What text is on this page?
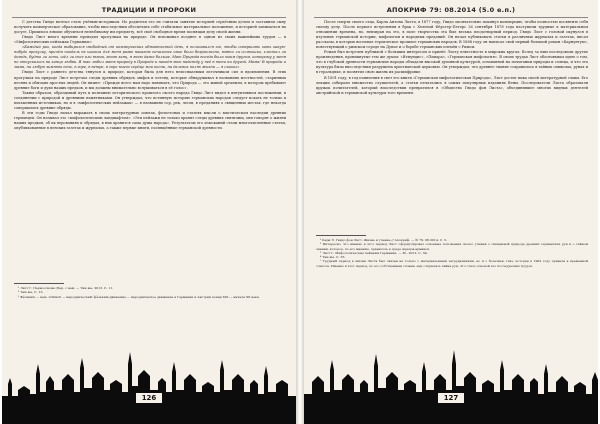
ТРАДИЦИИ И ПРОРОКИ

С детства Гиндо мечтал стать учёным-историком. Но родители его не считали занятие историей серьёзным делом и заставили сыну получить коммерческое образование, чтобы впоследствии обеспечить себе стабильное материальное положение, и историей заниматься на досуге. Пришлось юноше обучиться нелюбимому им предмету, всё своё свободное время посвящая делу своей жизни.

Гвидо Лист много времени проводил прогулкам на природе. Он вспоминал позднее в одном из своих важнейших трудов — в «Мифологических пейзажах Германии»:

«Каждый раз, когда выбирался свободный от коммерческих обязанностей день, я пользовался им, чтобы совершить хоть какую-нибудь прогулку, причём поодаль не шагала для меня разве наказом печальнее иное было безразлично, взято ли солнышко, хлестал ли дождь, будто ли лето, шёл ли снег или вьюга, этот заяц, я знаю даже больше. Мат Природа всегда была моим другом, которому у меня не отпускалось ни конца любви. Я так любил мать-природу в Природе и находя мою надежду у неё в тени ни другой. Мама! В природы и мама, на любую зимнюю ночь, в горе, в ветре, в горе моего сердце мои песни, на дальних полях жизни — я сказал».

Гвидо Лист с раннего детства тянулся к природе, которая была для него неиссякаемым источником сил и вдохновения. В этих прогулках на природе Лист встречал следы древних обрядов, мифов и легенд, которые обнаруживал в названиях местностей, старинных песнях и обычаях простых людей. Он пишет: «Прежде всего нам надо понимать, что Природа — это живой организм, в котором пребывают древние боги и духи наших предков, и мы должны внимательно вслушиваться в её голос».

Таким образом, образцовый путь к познанию исторического прошлого своего народа Гвидо Лист видел в интуитивном постижении, в соединении с природой и древними памятниками. Он утверждал, что истинную историю германских народов следует искать не только в письменных источниках, но и в «мифологических пейзажах» — в названиях гор, рек, лесов, в преданиях о священных местах, где некогда совершались древние обряды.

В эти годы Гвидо начал выражать в своих литературных опытах, фельетонах и статьях мысли о мистическом наследии древних германцев. Он называл это «мифологическим ландшафтом»: «Эти пейзажи не только хранят следы древних святилищ, они говорят о жизни наших предков, об их верованиях и обрядах, в них хранится сама душа народа». Результатом его изысканий стали многочисленные статьи, опубликованные в венских газетах и журналах, а также первые книги, посвящённые германской древности.

¹ Лист Г. Первооснова (Пер. с нем. — Там же, 2013. С. 11.

² Там же, С. 13.

³ Фёлькиш — нем. völkisch — народнический; фёлькиш-движение — народническое движение в Германии и Австрии конца XIX — начала XX века.

126
АПОКРИФ 79: 08.2014 (5.0 е.п.)

После смерти своего отца, Карла Антона Листа, в 1877 году, Гвидо окончательно покинул коммерцию, чтобы полностью посвятить себя своему делу. После первого вступления в брак с Хеленой Фёрстер-Петерс 26 сентября 1878 года наступили трудные в материальном отношении времена, но, невзирая на это, в поле творчества эта был весьма плодотворный период. Гвидо Лист с головой окунулся в изучение германской истории, мифологии и народных преданий. Он начал публиковать статьи в различных журналах и газетах, писал рассказы, в которых воспевал героическое прошлое германских народов. В 1888 году он написал свой первый большой роман «Карнунтум», повествующий о римском городе на Дунае и о борьбе германских племён с Римом.

Роман был встречен публикой с большим интересом и принёс Листу известность в широких кругах. Вслед за ним последовали другие произведения, проникнутые тем же духом: «Ятмундис», «Пипара», «Германская мифология». В своих трудах Лист обосновывал идею о том, что в глубокой древности германские народы обладали высокой духовной культурой, основанной на почитании природы и солнца, и что эта культура была впоследствии разрушена христианской церковью. Он утверждал, что древнее знание сохранилось в тайных символах, рунах и в геральдике, и посвятил свою жизнь их расшифровке.

В 1891 году, в год появления в свет его книги «Германская мифологическая Природа», Лист достиг пика своей литературной славы. Его лекции собирали множество слушателей, а статьи печатались в самых популярных изданиях Вены. Последователи Листа образовали кружок почитателей, который впоследствии превратился в «Общество Гвидо фон Листа», объединившее многих видных деятелей австрийской и германской культуры того времени.

¹ Керн Э. Гвидо фон Лист. Жизнь и учение // Апокриф. — № 79. 08.2014. С. 5.

² Интересно, что именно в этот период Лист сформулировал основные положения своего учения о священной природе древних германских рун и о тайном знании, которое, по его мнению, хранилось в среде жрецов-арманов.

³ Лист Г. Мифологические пейзажи Германии. — М., 2012. С. 34.

⁴ Там же. С. 35.

⁵ Трудный период в жизни Листа был связан не только с материальными затруднениями, но и с болезнью глаз, которая в 1902 году привела к временной слепоте. Именно в этот период, по его собственным словам, ему открылась тайна рун, что стало основой его последующих трудов.

127
